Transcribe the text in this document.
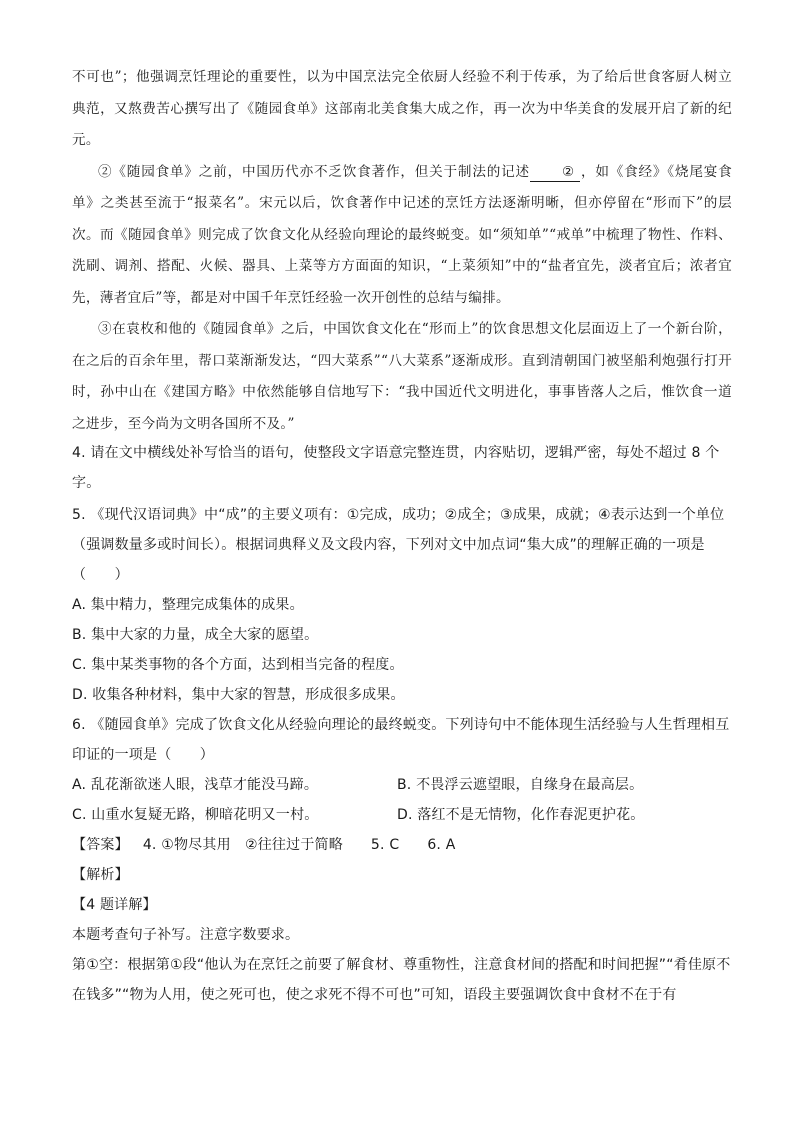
不可也”；他强调烹饪理论的重要性，以为中国烹法完全依厨人经验不利于传承，为了给后世食客厨人树立典范，又熬费苦心撰写出了《随园食单》这部南北美食集大成之作，再一次为中华美食的发展开启了新的纪元。

②《随园食单》之前，中国历代亦不乏饮食著作，但关于制法的记述 ② ，如《食经》《烧尾宴食单》之类甚至流于“报菜名”。宋元以后，饮食著作中记述的烹饪方法逐渐明晰，但亦停留在“形而下”的层次。而《随园食单》则完成了饮食文化从经验向理论的最终蜕变。如“须知单”“戒单”中梳理了物性、作料、洗刷、调剂、搭配、火候、器具、上菜等方方面面的知识，“上菜须知”中的“盐者宜先，淡者宜后；浓者宜先，薄者宜后”等，都是对中国千年烹饪经验一次开创性的总结与编排。

③在袁枚和他的《随园食单》之后，中国饮食文化在“形而上”的饮食思想文化层面迈上了一个新台阶，在之后的百余年里，帮口菜渐渐发达，“四大菜系”“八大菜系”逐渐成形。直到清朝国门被坚船利炮强行打开时，孙中山在《建国方略》中依然能够自信地写下：“我中国近代文明进化，事事皆落人之后，惟饮食一道之进步，至今尚为文明各国所不及。”

4. 请在文中横线处补写恰当的语句，使整段文字语意完整连贯，内容贴切，逻辑严密，每处不超过 8 个字。

5. 《现代汉语词典》中“成”的主要义项有：①完成，成功；②成全；③成果，成就；④表示达到一个单位（强调数量多或时间长）。根据词典释义及文段内容，下列对文中加点词“集大成”的理解正确的一项是（　　）

A. 集中精力，整理完成集体的成果。

B. 集中大家的力量，成全大家的愿望。

C. 集中某类事物的各个方面，达到相当完备的程度。

D. 收集各种材料，集中大家的智慧，形成很多成果。

6. 《随园食单》完成了饮食文化从经验向理论的最终蜕变。下列诗句中不能体现生活经验与人生哲理相互印证的一项是（　　）

A. 乱花渐欲迷人眼，浅草才能没马蹄。	B. 不畏浮云遮望眼，自缘身在最高层。
C. 山重水复疑无路，柳暗花明又一村。	D. 落红不是无情物，化作春泥更护花。

【答案】 4. ①物尽其用　②往往过于简略 5. C 6. A

【解析】

【4 题详解】

本题考查句子补写。注意字数要求。

第①空：根据第①段“他认为在烹饪之前要了解食材、尊重物性，注意食材间的搭配和时间把握”“肴佳原不在钱多”“物为人用，使之死可也，使之求死不得不可也”可知，语段主要强调饮食中食材不在于有
